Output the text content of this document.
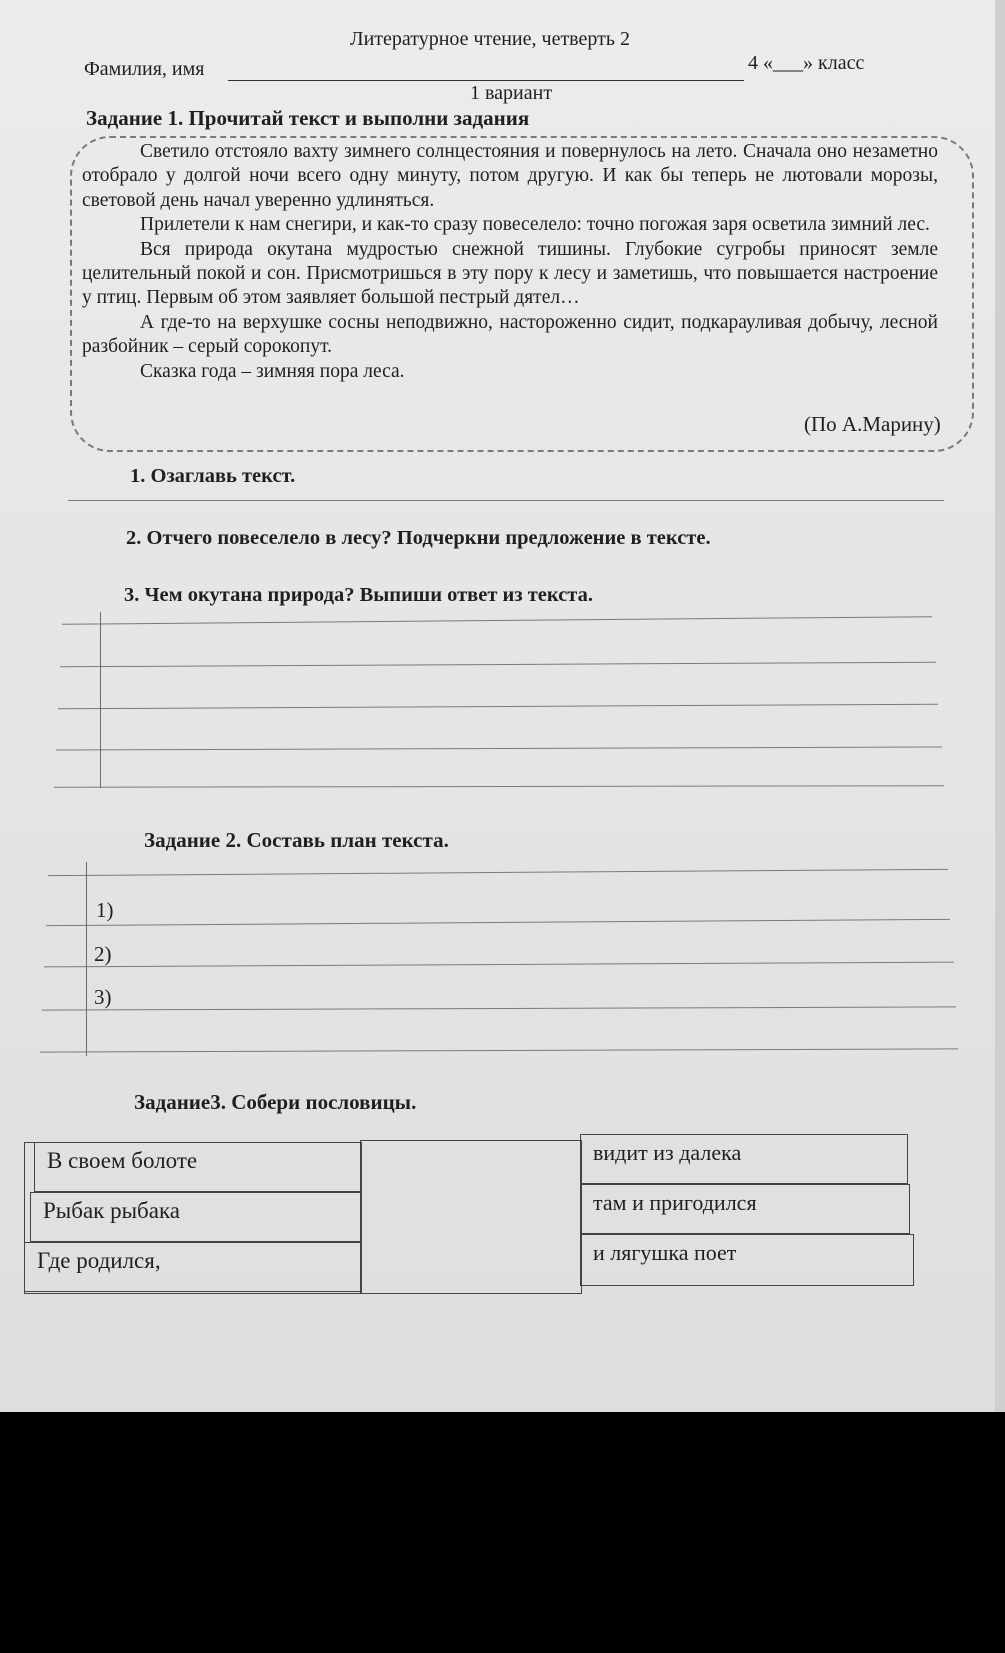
Литературное чтение, четверть 2
Фамилия, имя	4 «___» класс
1 вариант
Задание 1. Прочитай текст и выполни задания

Светило отстояло вахту зимнего солнцестояния и повернулось на лето. Сначала оно незаметно отобрало у долгой ночи всего одну минуту, потом другую. И как бы теперь не лютовали морозы, световой день начал уверенно удлиняться.

Прилетели к нам снегири, и как-то сразу повеселело: точно погожая заря осветила зимний лес.

Вся природа окутана мудростью снежной тишины. Глубокие сугробы приносят земле целительный покой и сон. Присмотришься в эту пору к лесу и заметишь, что повышается настроение у птиц. Первым об этом заявляет большой пестрый дятел…

А где-то на верхушке сосны неподвижно, настороженно сидит, подкарауливая добычу, лесной разбойник – серый сорокопут.

Сказка года – зимняя пора леса.

(По А.Марину)
1. Озаглавь текст.
2. Отчего повеселело в лесу? Подчеркни предложение в тексте.
3. Чем окутана природа? Выпиши ответ из текста.
Задание 2. Составь план текста.
1)
2)
3)
Задание3. Собери пословицы.
В своем болоте
Рыбак рыбака
Где родился,
видит из далека
там и пригодился
и лягушка поет
